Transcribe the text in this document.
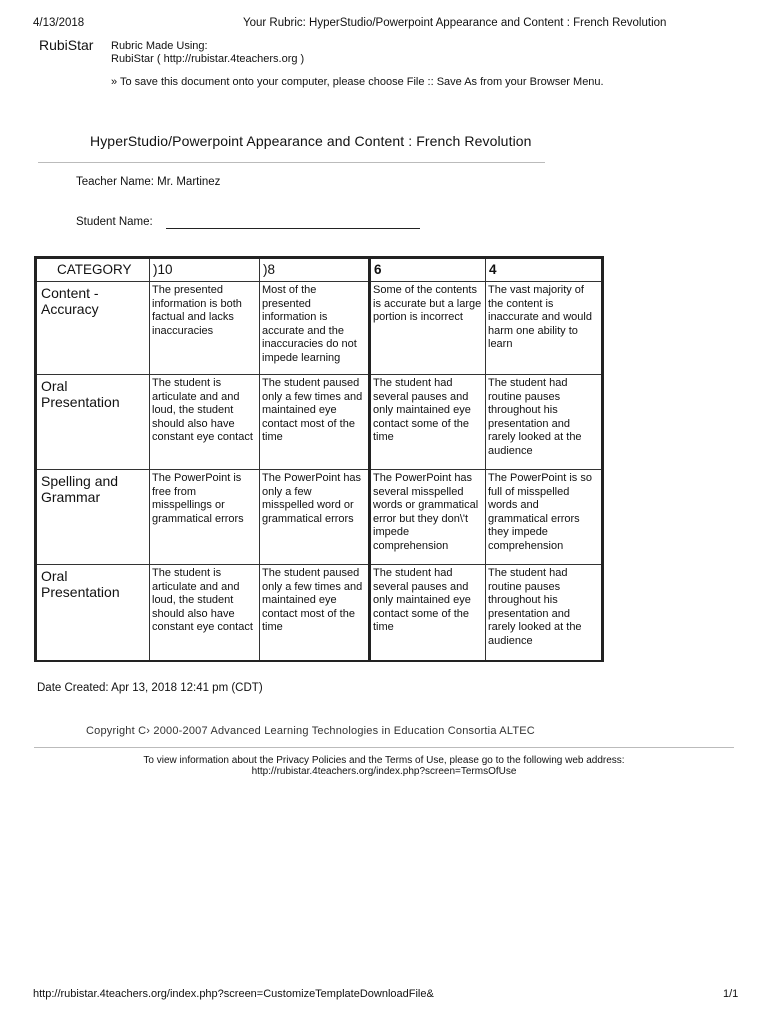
4/13/2018	Your Rubric: HyperStudio/Powerpoint Appearance and Content : French Revolution
RubiStar Rubric Made Using:
RubiStar ( http://rubistar.4teachers.org )
» To save this document onto your computer, please choose File :: Save As from your Browser Menu.
HyperStudio/Powerpoint Appearance and Content : French Revolution
Teacher Name: Mr. Martinez
Student Name:
CATEGORY	)10	)8	6	4
Content - Accuracy	The presented information is both factual and lacks inaccuracies	Most of the presented information is accurate and the inaccuracies do not impede learning	Some of the contents is accurate but a large portion is incorrect	The vast majority of the content is inaccurate and would harm one ability to learn
Oral Presentation	The student is articulate and and loud, the student should also have constant eye contact	The student paused only a few times and maintained eye contact most of the time	The student had several pauses and only maintained eye contact some of the time	The student had routine pauses throughout his presentation and rarely looked at the audience
Spelling and Grammar	The PowerPoint is free from misspellings or grammatical errors	The PowerPoint has only a few misspelled word or grammatical errors	The PowerPoint has several misspelled words or grammatical error but they don\'t impede comprehension	The PowerPoint is so full of misspelled words and grammatical errors they impede comprehension
Oral Presentation	The student is articulate and and loud, the student should also have constant eye contact	The student paused only a few times and maintained eye contact most of the time	The student had several pauses and only maintained eye contact some of the time	The student had routine pauses throughout his presentation and rarely looked at the audience
Date Created: Apr 13, 2018 12:41 pm (CDT)
Copyright C› 2000-2007 Advanced Learning Technologies in Education Consortia ALTEC
To view information about the Privacy Policies and the Terms of Use, please go to the following web address:
http://rubistar.4teachers.org/index.php?screen=TermsOfUse
http://rubistar.4teachers.org/index.php?screen=CustomizeTemplateDownloadFile&	1/1
